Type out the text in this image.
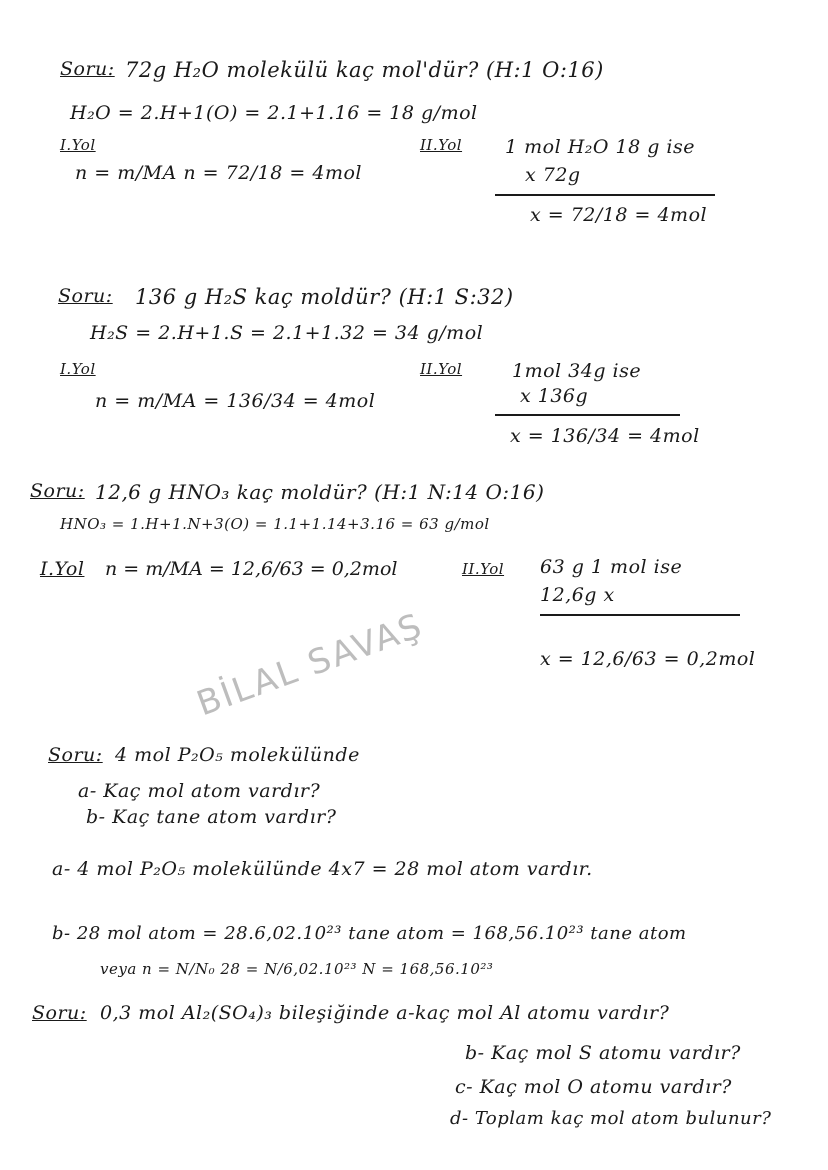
BİLAL SAVAŞ
Soru: 72g H₂O molekülü kaç mol'dür? (H:1 O:16)
H₂O = 2.H+1(O) = 2.1+1.16 = 18 g/mol
I.Yol
n = m/MA n = 72/18 = 4mol
II.Yol 1 mol H₂O 18 g ise
x 72g
x = 72/18 = 4mol
Soru: 136 g H₂S kaç moldür? (H:1 S:32)
H₂S = 2.H+1.S = 2.1+1.32 = 34 g/mol
I.Yol
n = m/MA = 136/34 = 4mol
II.Yol	1mol 34g ise
x 136g
x = 136/34 = 4mol
Soru: 12,6 g HNO₃ kaç moldür? (H:1 N:14 O:16)
HNO₃ = 1.H+1.N+3(O) = 1.1+1.14+3.16 = 63 g/mol
I.Yol n = m/MA = 12,6/63 = 0,2mol	II.Yol 63 g 1 mol ise
12,6g x
x = 12,6/63 = 0,2mol
Soru: 4 mol P₂O₅ molekülünde
a- Kaç mol atom vardır?
b- Kaç tane atom vardır?
a- 4 mol P₂O₅ molekülünde 4x7 = 28 mol atom vardır.
b- 28 mol atom = 28.6,02.10²³ tane atom = 168,56.10²³ tane atom
veya n = N/N₀ 28 = N/6,02.10²³ N = 168,56.10²³
Soru: 0,3 mol Al₂(SO₄)₃ bileşiğinde a-kaç mol Al atomu vardır?
b- Kaç mol S atomu vardır?
c- Kaç mol O atomu vardır?
d- Toplam kaç mol atom bulunur?
